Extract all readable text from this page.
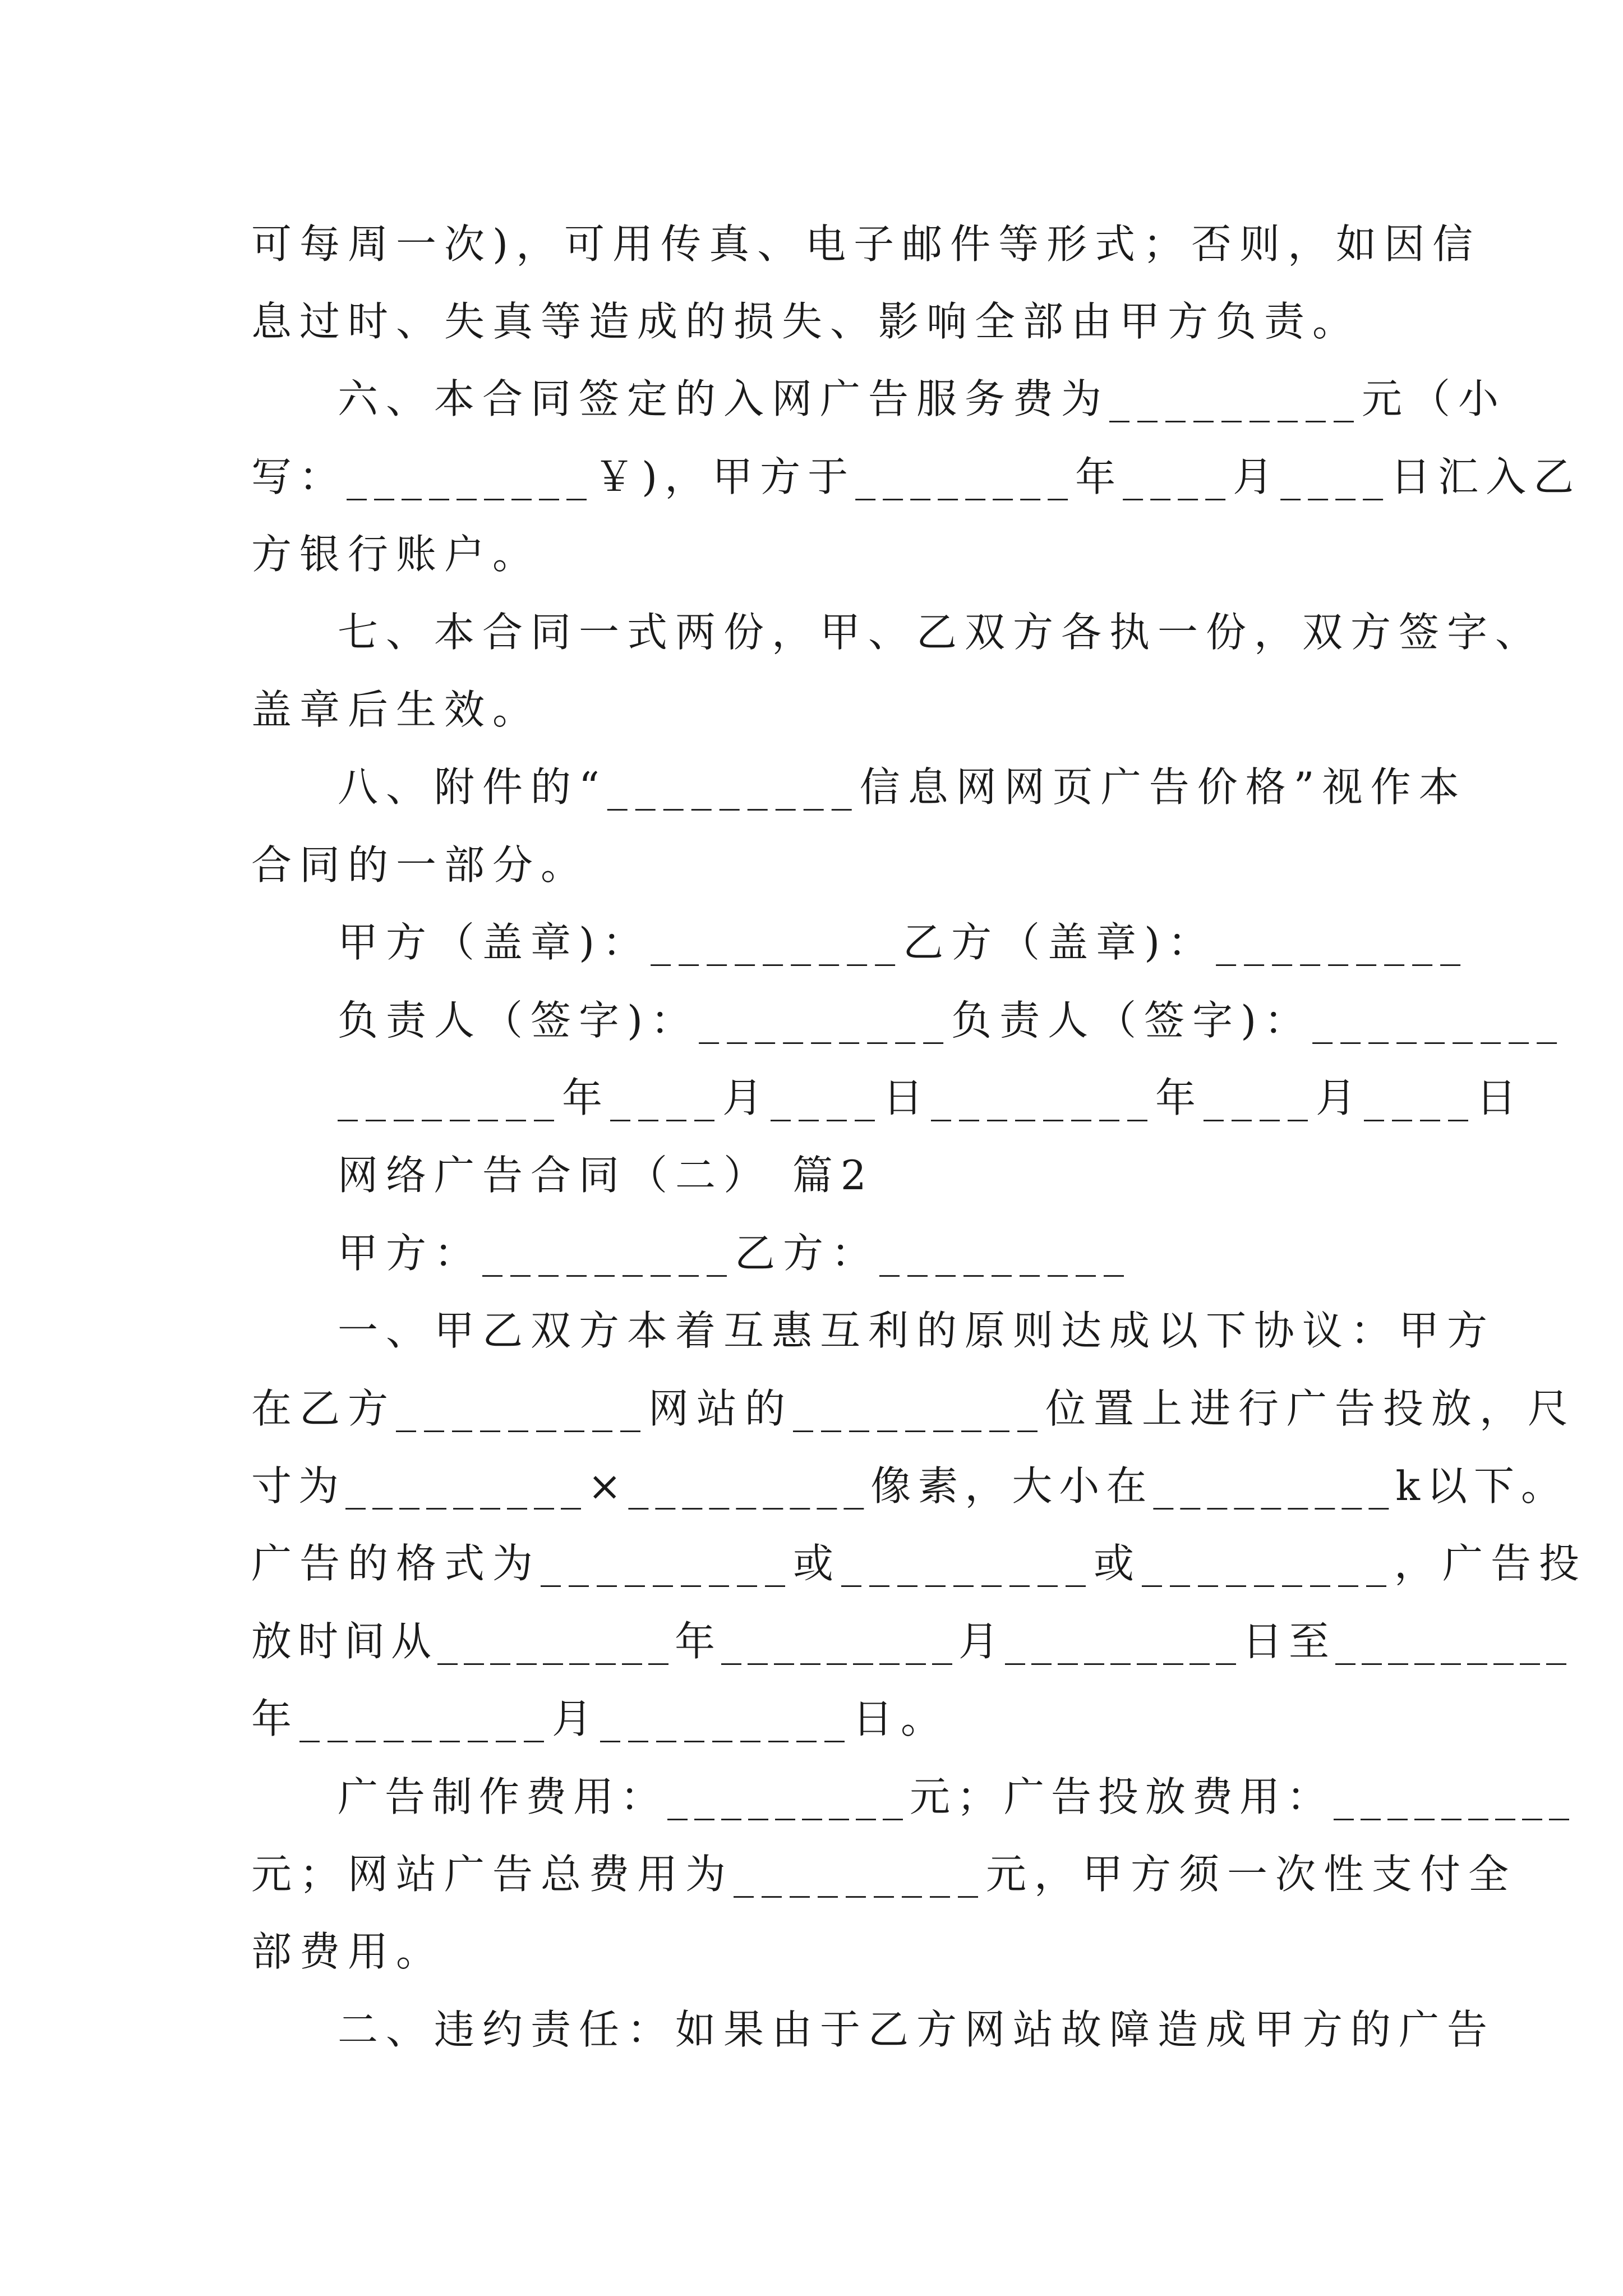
可每周一次)，可用传真、电子邮件等形式；否则，如因信
息过时、失真等造成的损失、影响全部由甲方负责。
六、本合同签定的入网广告服务费为_________元（小
写：_________￥)，甲方于________年____月____日汇入乙
方银行账户。
七、本合同一式两份，甲、乙双方各执一份，双方签字、
盖章后生效。
八、附件的“_________信息网网页广告价格”视作本
合同的一部分。
甲方（盖章)：_________乙方（盖章)：_________
负责人（签字)：_________负责人（签字)：_________
________年____月____日________年____月____日
网络广告合同（二） 篇2
甲方：_________乙方：_________
一、甲乙双方本着互惠互利的原则达成以下协议：甲方
在乙方_________网站的_________位置上进行广告投放，尺
寸为_________×_________像素，大小在_________k以下。
广告的格式为_________或_________或_________，广告投
放时间从_________年_________月_________日至_________
年_________月_________日。
广告制作费用：_________元；广告投放费用：_________
元；网站广告总费用为_________元，甲方须一次性支付全
部费用。
二、违约责任：如果由于乙方网站故障造成甲方的广告
